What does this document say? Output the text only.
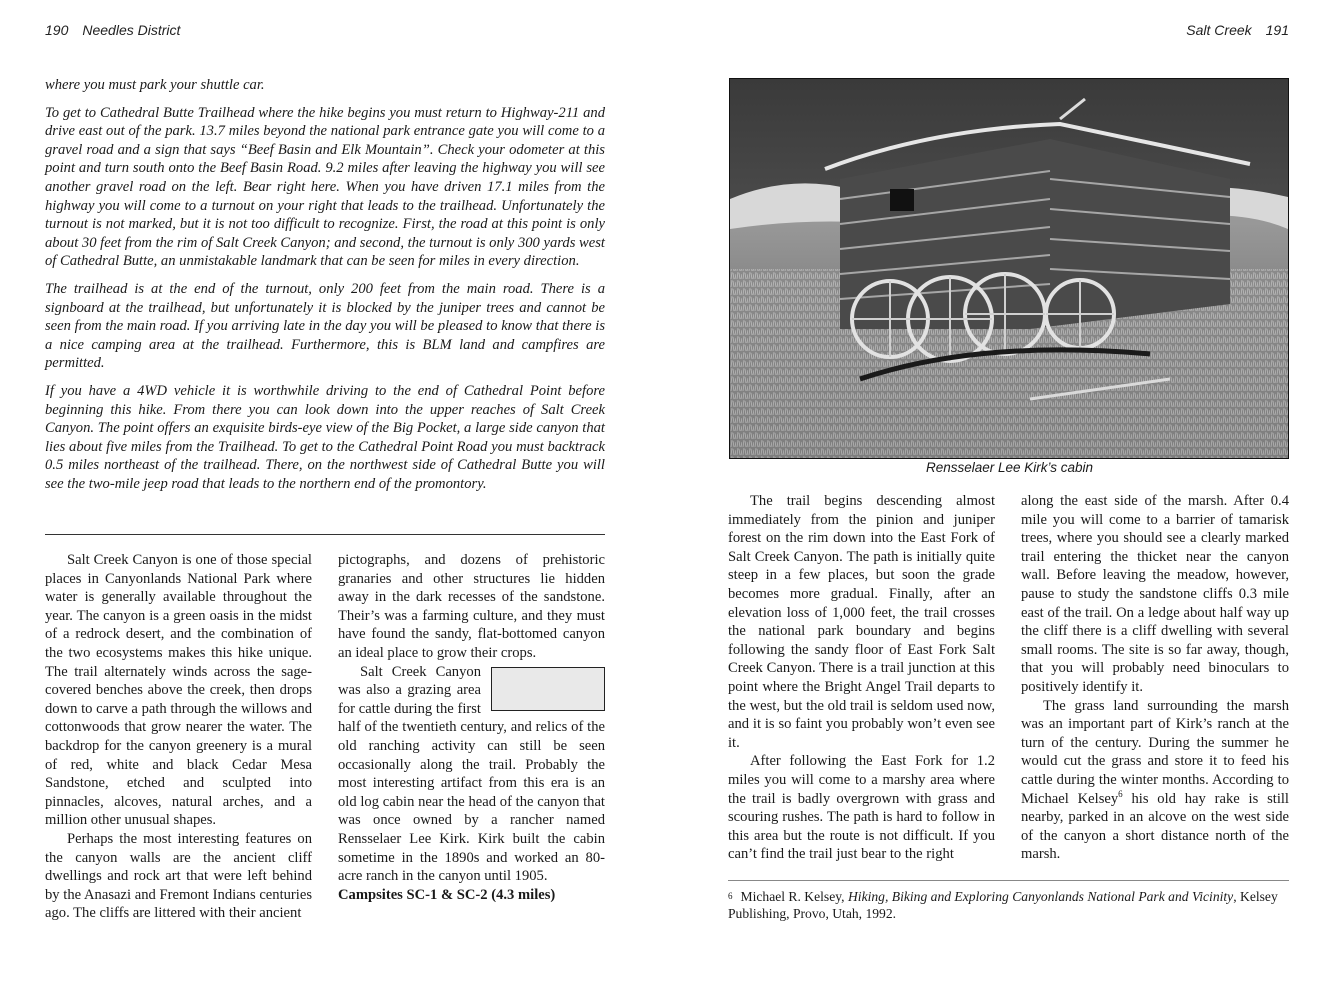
190 Needles District

where you must park your shuttle car.

To get to Cathedral Butte Trailhead where the hike begins you must return to Highway-211 and drive east out of the park. 13.7 miles beyond the national park entrance gate you will come to a gravel road and a sign that says “Beef Basin and Elk Mountain”. Check your odometer at this point and turn south onto the Beef Basin Road. 9.2 miles after leaving the highway you will see another gravel road on the left. Bear right here. When you have driven 17.1 miles from the highway you will come to a turnout on your right that leads to the trailhead. Unfortunately the turnout is not marked, but it is not too difficult to recognize. First, the road at this point is only about 30 feet from the rim of Salt Creek Canyon; and second, the turnout is only 300 yards west of Cathedral Butte, an unmistakable landmark that can be seen for miles in every direction.

The trailhead is at the end of the turnout, only 200 feet from the main road. There is a signboard at the trailhead, but unfortunately it is blocked by the juniper trees and cannot be seen from the main road. If you arriving late in the day you will be pleased to know that there is a nice camping area at the trailhead. Furthermore, this is BLM land and campfires are permitted.

If you have a 4WD vehicle it is worthwhile driving to the end of Cathedral Point before beginning this hike. From there you can look down into the upper reaches of Salt Creek Canyon. The point offers an exquisite birds-eye view of the Big Pocket, a large side canyon that lies about five miles from the Trailhead. To get to the Cathedral Point Road you must backtrack 0.5 miles northeast of the trailhead. There, on the northwest side of Cathedral Butte you will see the two-mile jeep road that leads to the northern end of the promontory.

Salt Creek Canyon is one of those special places in Canyonlands National Park where water is generally available throughout the year. The canyon is a green oasis in the midst of a redrock desert, and the combination of the two ecosystems makes this hike unique. The trail alternately winds across the sage-covered benches above the creek, then drops down to carve a path through the willows and cottonwoods that grow nearer the water. The backdrop for the canyon greenery is a mural of red, white and black Cedar Mesa Sandstone, etched and sculpted into pinnacles, alcoves, natural arches, and a million other unusual shapes.

Perhaps the most interesting features on the canyon walls are the ancient cliff dwellings and rock art that were left behind by the Anasazi and Fremont Indians centuries ago. The cliffs are littered with their ancient

pictographs, and dozens of prehistoric granaries and other structures lie hidden away in the dark recesses of the sandstone. Their’s was a farming culture, and they must have found the sandy, flat-bottomed canyon an ideal place to grow their crops.

Salt Creek Canyon was also a grazing area for cattle during the first half of the twentieth century, and relics of the old ranching activity can still be seen occasionally along the trail. Probably the most interesting artifact from this era is an old log cabin near the head of the canyon that was once owned by a rancher named Rensselaer Lee Kirk. Kirk built the cabin sometime in the 1890s and worked an 80-acre ranch in the canyon until 1905.

Campsites SC-1 & SC-2 (4.3 miles)

Salt Creek 191
Rensselaer Lee Kirk’s cabin

The trail begins descending almost immediately from the pinion and juniper forest on the rim down into the East Fork of Salt Creek Canyon. The path is initially quite steep in a few places, but soon the grade becomes more gradual. Finally, after an elevation loss of 1,000 feet, the trail crosses the national park boundary and begins following the sandy floor of East Fork Salt Creek Canyon. There is a trail junction at this point where the Bright Angel Trail departs to the west, but the old trail is seldom used now, and it is so faint you probably won’t even see it.

After following the East Fork for 1.2 miles you will come to a marshy area where the trail is badly overgrown with grass and scouring rushes. The path is hard to follow in this area but the route is not difficult. If you can’t find the trail just bear to the right

along the east side of the marsh. After 0.4 mile you will come to a barrier of tamarisk trees, where you should see a clearly marked trail entering the thicket near the canyon wall. Before leaving the meadow, however, pause to study the sandstone cliffs 0.3 mile east of the trail. On a ledge about half way up the cliff there is a cliff dwelling with several small rooms. The site is so far away, though, that you will probably need binoculars to positively identify it.

The grass land surrounding the marsh was an important part of Kirk’s ranch at the turn of the century. During the summer he would cut the grass and store it to feed his cattle during the winter months. According to Michael Kelsey$^6$ his old hay rake is still nearby, parked in an alcove on the west side of the canyon a short distance north of the marsh.

$^6$ Michael R. Kelsey, Hiking, Biking and Exploring Canyonlands National Park and Vicinity, Kelsey Publishing, Provo, Utah, 1992.
